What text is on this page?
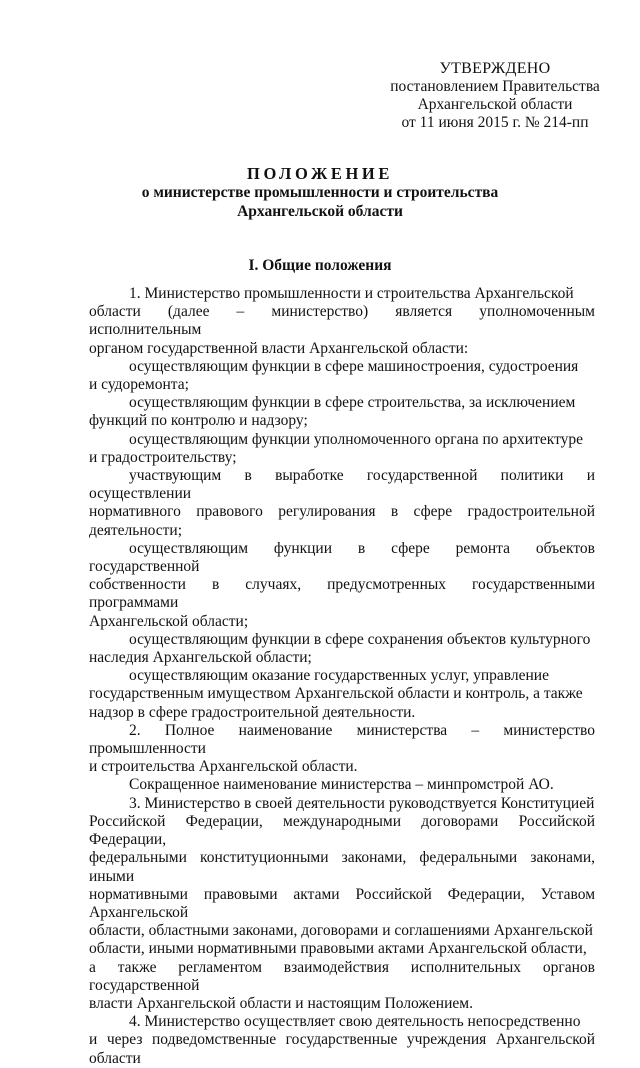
УТВЕРЖДЕНО
постановлением Правительства
Архангельской области
от 11 июня 2015 г. № 214-пп
ПОЛОЖЕНИЕ
о министерстве промышленности и строительства
Архангельской области
I. Общие положения

1. Министерство промышленности и строительства Архангельской
области (далее – министерство) является уполномоченным исполнительным
органом государственной власти Архангельской области:

осуществляющим функции в сфере машиностроения, судостроения
и судоремонта;

осуществляющим функции в сфере строительства, за исключением
функций по контролю и надзору;

осуществляющим функции уполномоченного органа по архитектуре
и градостроительству;

участвующим в выработке государственной политики и осуществлении
нормативного правового регулирования в сфере градостроительной деятельности;

осуществляющим функции в сфере ремонта объектов государственной
собственности в случаях, предусмотренных государственными программами
Архангельской области;

осуществляющим функции в сфере сохранения объектов культурного
наследия Архангельской области;

осуществляющим оказание государственных услуг, управление
государственным имуществом Архангельской области и контроль, а также
надзор в сфере градостроительной деятельности.

2. Полное наименование министерства – министерство промышленности
и строительства Архангельской области.

Сокращенное наименование министерства – минпромстрой АО.

3. Министерство в своей деятельности руководствуется Конституцией
Российской Федерации, международными договорами Российской Федерации,
федеральными конституционными законами, федеральными законами, иными
нормативными правовыми актами Российской Федерации, Уставом Архангельской
области, областными законами, договорами и соглашениями Архангельской
области, иными нормативными правовыми актами Архангельской области,
а также регламентом взаимодействия исполнительных органов государственной
власти Архангельской области и настоящим Положением.

4. Министерство осуществляет свою деятельность непосредственно
и через подведомственные государственные учреждения Архангельской области
